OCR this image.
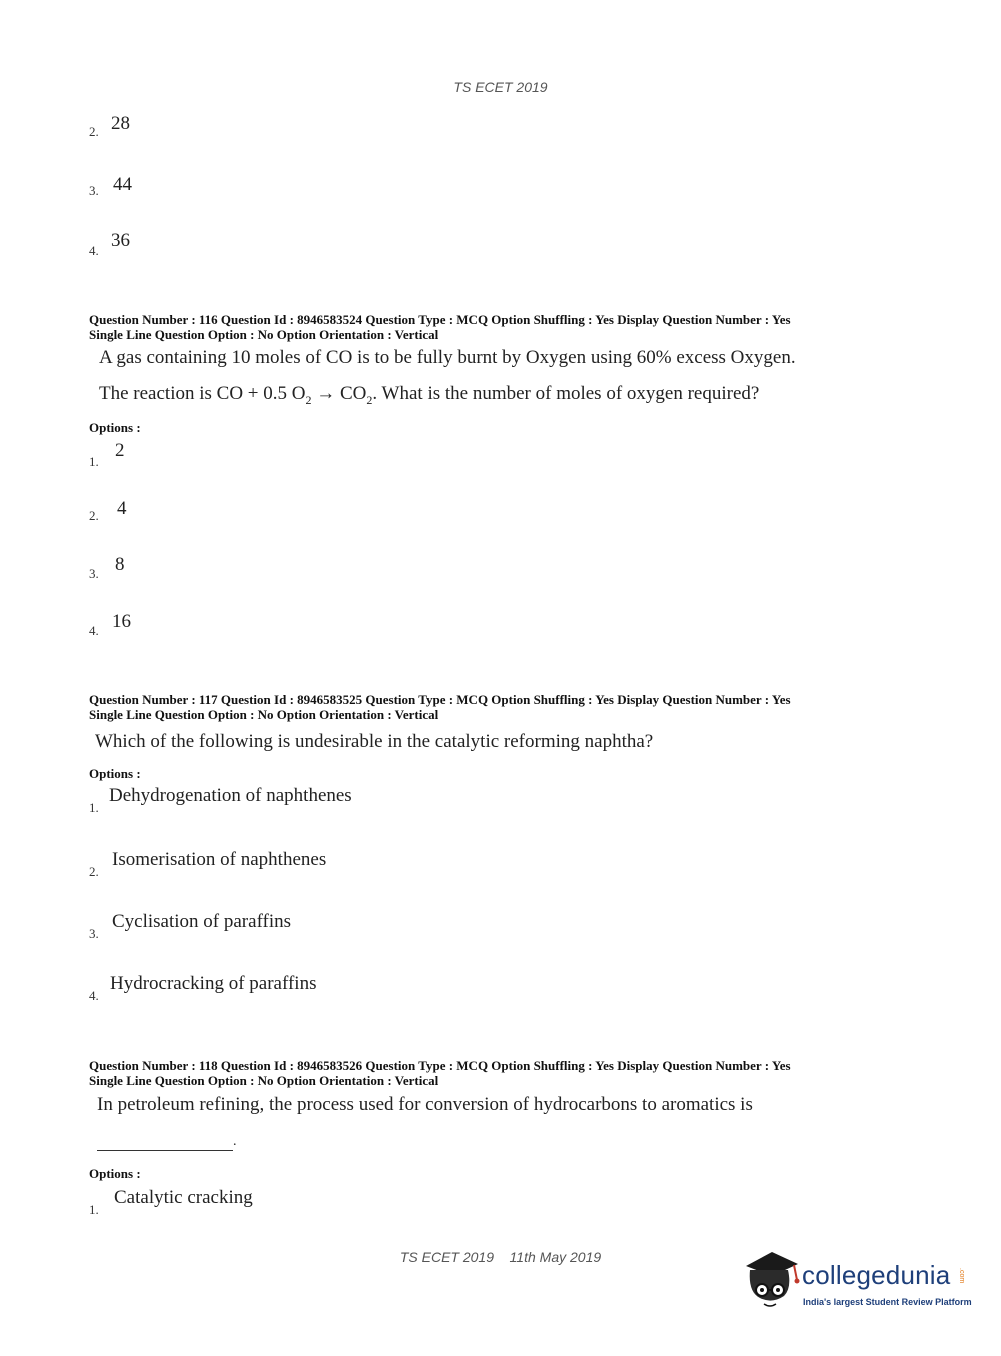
TS ECET 2019
2. 28
3. 44
4. 36
Question Number : 116 Question Id : 8946583524 Question Type : MCQ Option Shuffling : Yes Display Question Number : Yes
Single Line Question Option : No Option Orientation : Vertical
A gas containing 10 moles of CO is to be fully burnt by Oxygen using 60% excess Oxygen.
The reaction is CO + 0.5 $O_2 \to CO_2$. What is the number of moles of oxygen required?
Options :
1.
2
2. 4
3. 8
4. 16
Question Number : 117 Question Id : 8946583525 Question Type : MCQ Option Shuffling : Yes Display Question Number : Yes
Single Line Question Option : No Option Orientation : Vertical
Which of the following is undesirable in the catalytic reforming naphtha?
Options :
1.
Dehydrogenation of naphthenes
2.
Isomerisation of naphthenes
3.
Cyclisation of paraffins
4.
Hydrocracking of paraffins
Question Number : 118 Question Id : 8946583526 Question Type : MCQ Option Shuffling : Yes Display Question Number : Yes
Single Line Question Option : No Option Orientation : Vertical
In petroleum refining, the process used for conversion of hydrocarbons to aromatics is
.
Options :
1.
Catalytic cracking
TS ECET 2019    11th May 2019
collegedunia .com
India's largest Student Review Platform
